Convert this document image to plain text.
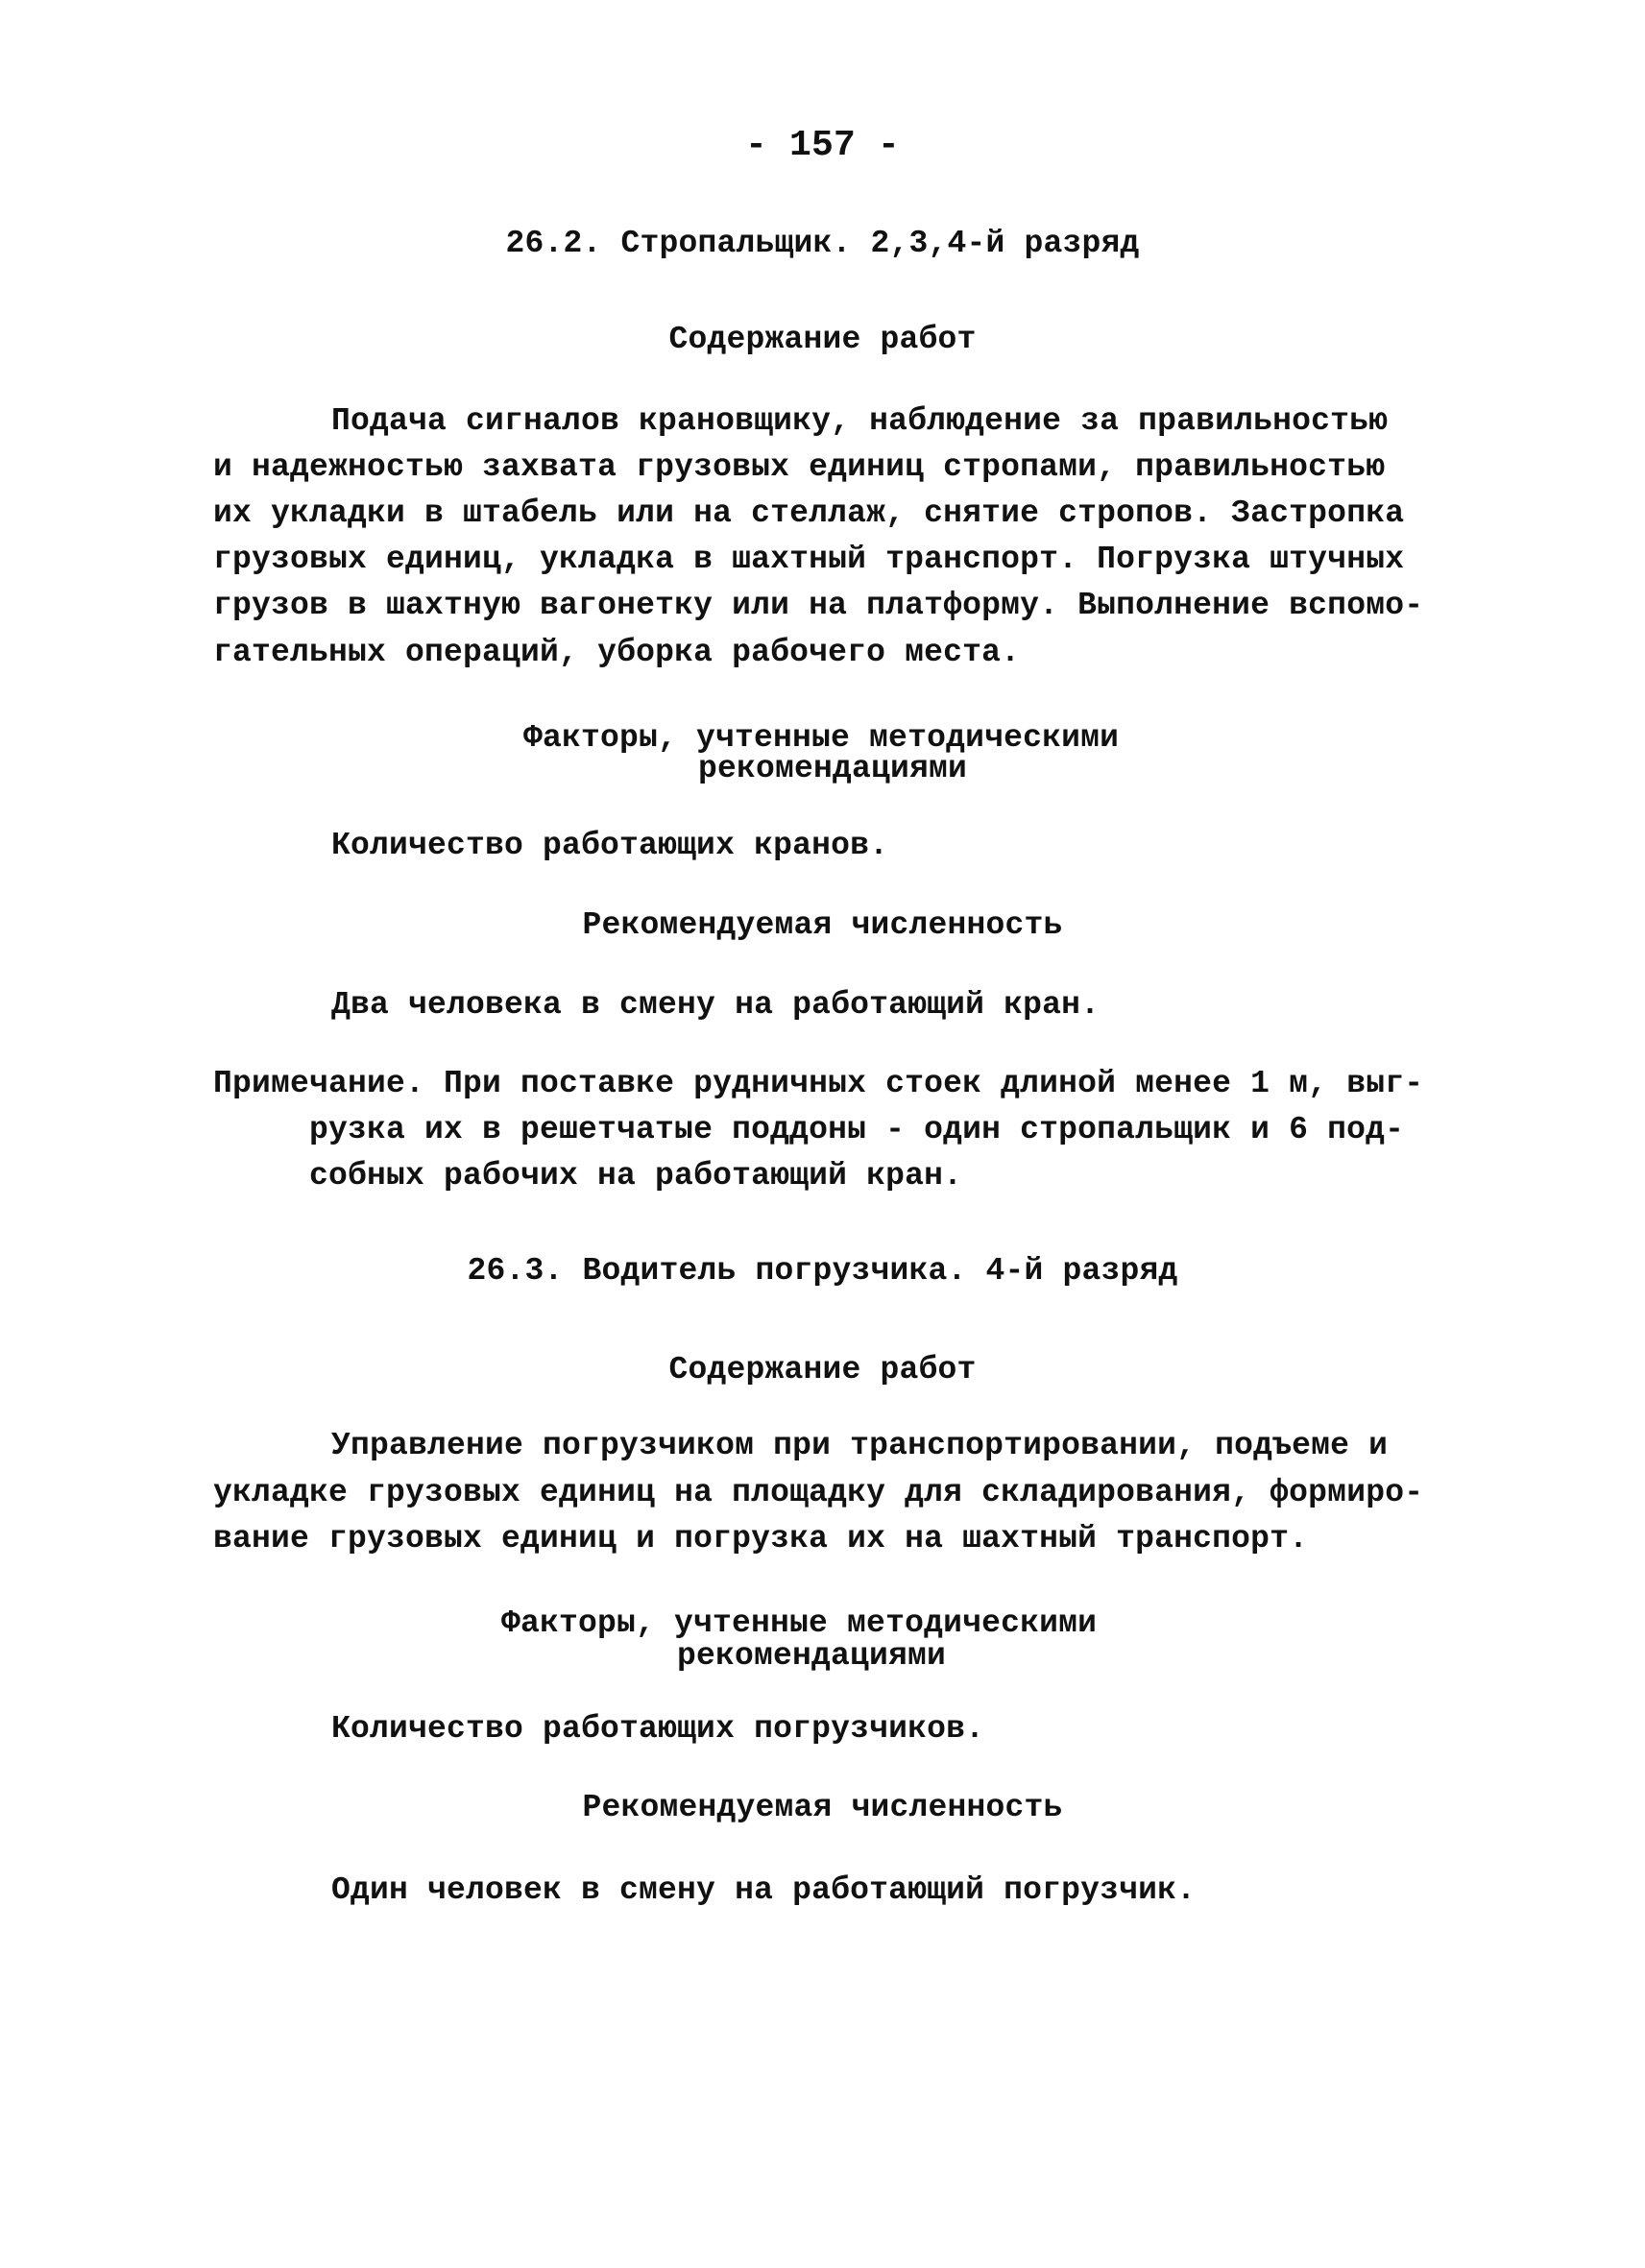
- 157 -
26.2. Стропальщик. 2,3,4-й разряд
Содержание работ
Подача сигналов крановщику, наблюдение за правильностью
и надежностью захвата грузовых единиц стропами, правильностью
их укладки в штабель или на стеллаж, снятие стропов. Застропка
грузовых единиц, укладка в шахтный транспорт. Погрузка штучных
грузов в шахтную вагонетку или на платформу. Выполнение вспомо-
гательных операций, уборка рабочего места.
Факторы, учтенные методическими
рекомендациями
Количество работающих кранов.
Рекомендуемая численность
Два человека в смену на работающий кран.
Примечание. При поставке рудничных стоек длиной менее 1 м, выг-
рузка их в решетчатые поддоны - один стропальщик и 6 под-
собных рабочих на работающий кран.
26.3. Водитель погрузчика. 4-й разряд
Содержание работ
Управление погрузчиком при транспортировании, подъеме и
укладке грузовых единиц на площадку для складирования, формиро-
вание грузовых единиц и погрузка их на шахтный транспорт.
Факторы, учтенные методическими
рекомендациями
Количество работающих погрузчиков.
Рекомендуемая численность
Один человек в смену на работающий погрузчик.
